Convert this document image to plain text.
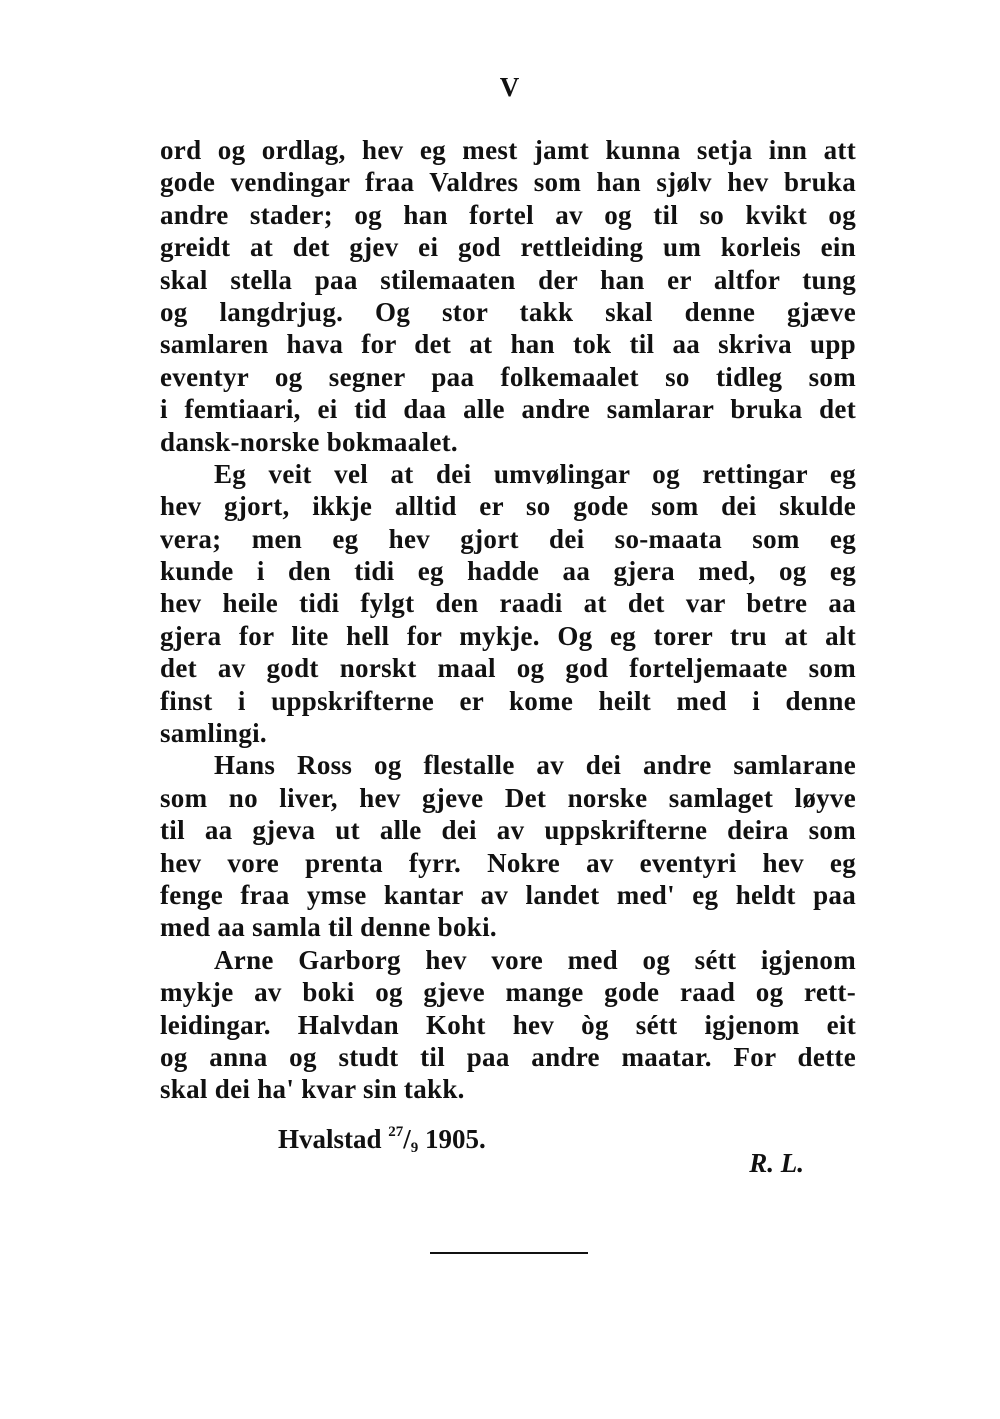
V
ord og ordlag, hev eg mest jamt kunna setja inn att
gode vendingar fraa Valdres som han sjølv hev bruka
andre stader; og han fortel av og til so kvikt og
greidt at det gjev ei god rettleiding um korleis ein
skal stella paa stilemaaten der han er altfor tung
og langdrjug. Og stor takk skal denne gjæve
samlaren hava for det at han tok til aa skriva upp
eventyr og segner paa folkemaalet so tidleg som
i femtiaari, ei tid daa alle andre samlarar bruka det
dansk-norske bokmaalet.
Eg veit vel at dei umvølingar og rettingar eg
hev gjort, ikkje alltid er so gode som dei skulde
vera; men eg hev gjort dei so-maata som eg
kunde i den tidi eg hadde aa gjera med, og eg
hev heile tidi fylgt den raadi at det var betre aa
gjera for lite hell for mykje. Og eg torer tru at alt
det av godt norskt maal og god forteljemaate som
finst i uppskrifterne er kome heilt med i denne
samlingi.
Hans Ross og flestalle av dei andre samlarane
som no liver, hev gjeve Det norske samlaget løyve
til aa gjeva ut alle dei av uppskrifterne deira som
hev vore prenta fyrr. Nokre av eventyri hev eg
fenge fraa ymse kantar av landet med' eg heldt paa
med aa samla til denne boki.
Arne Garborg hev vore med og sétt igjenom
mykje av boki og gjeve mange gode raad og rett-
leidingar. Halvdan Koht hev òg sétt igjenom eit
og anna og studt til paa andre maatar. For dette
skal dei ha' kvar sin takk.
Hvalstad $^{27}/_9$ 1905.
R. L.
